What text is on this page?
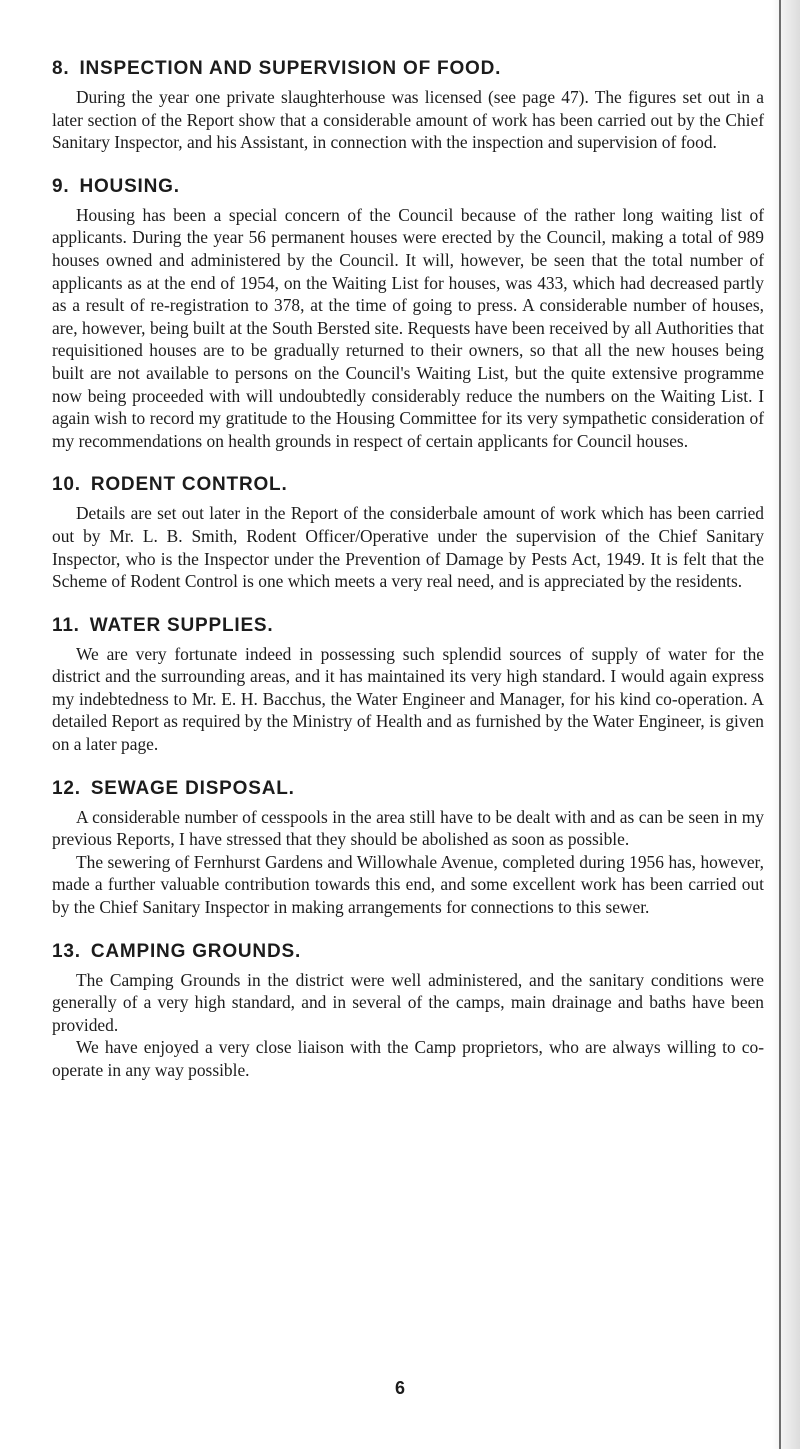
8. INSPECTION AND SUPERVISION OF FOOD.

During the year one private slaughterhouse was licensed (see page 47). The figures set out in a later section of the Report show that a considerable amount of work has been carried out by the Chief Sanitary Inspector, and his Assistant, in connection with the inspection and supervision of food.

9. HOUSING.

Housing has been a special concern of the Council because of the rather long waiting list of applicants. During the year 56 permanent houses were erected by the Council, making a total of 989 houses owned and administered by the Council. It will, however, be seen that the total number of applicants as at the end of 1954, on the Waiting List for houses, was 433, which had decreased partly as a result of re-registration to 378, at the time of going to press. A considerable number of houses, are, however, being built at the South Bersted site. Requests have been received by all Authorities that requisitioned houses are to be gradually returned to their owners, so that all the new houses being built are not available to persons on the Council's Waiting List, but the quite extensive programme now being proceeded with will undoubtedly considerably reduce the numbers on the Waiting List. I again wish to record my gratitude to the Housing Committee for its very sympathetic consideration of my recommendations on health grounds in respect of certain applicants for Council houses.

10. RODENT CONTROL.

Details are set out later in the Report of the considerbale amount of work which has been carried out by Mr. L. B. Smith, Rodent Officer/Operative under the supervision of the Chief Sanitary Inspector, who is the Inspector under the Prevention of Damage by Pests Act, 1949. It is felt that the Scheme of Rodent Control is one which meets a very real need, and is appreciated by the residents.

11. WATER SUPPLIES.

We are very fortunate indeed in possessing such splendid sources of supply of water for the district and the surrounding areas, and it has maintained its very high standard. I would again express my indebtedness to Mr. E. H. Bacchus, the Water Engineer and Manager, for his kind co-operation. A detailed Report as required by the Ministry of Health and as furnished by the Water Engineer, is given on a later page.

12. SEWAGE DISPOSAL.

A considerable number of cesspools in the area still have to be dealt with and as can be seen in my previous Reports, I have stressed that they should be abolished as soon as possible.

The sewering of Fernhurst Gardens and Willowhale Avenue, completed during 1956 has, however, made a further valuable contribution towards this end, and some excellent work has been carried out by the Chief Sanitary Inspector in making arrangements for connections to this sewer.

13. CAMPING GROUNDS.

The Camping Grounds in the district were well administered, and the sanitary conditions were generally of a very high standard, and in several of the camps, main drainage and baths have been provided.

We have enjoyed a very close liaison with the Camp proprietors, who are always willing to co-operate in any way possible.

6
